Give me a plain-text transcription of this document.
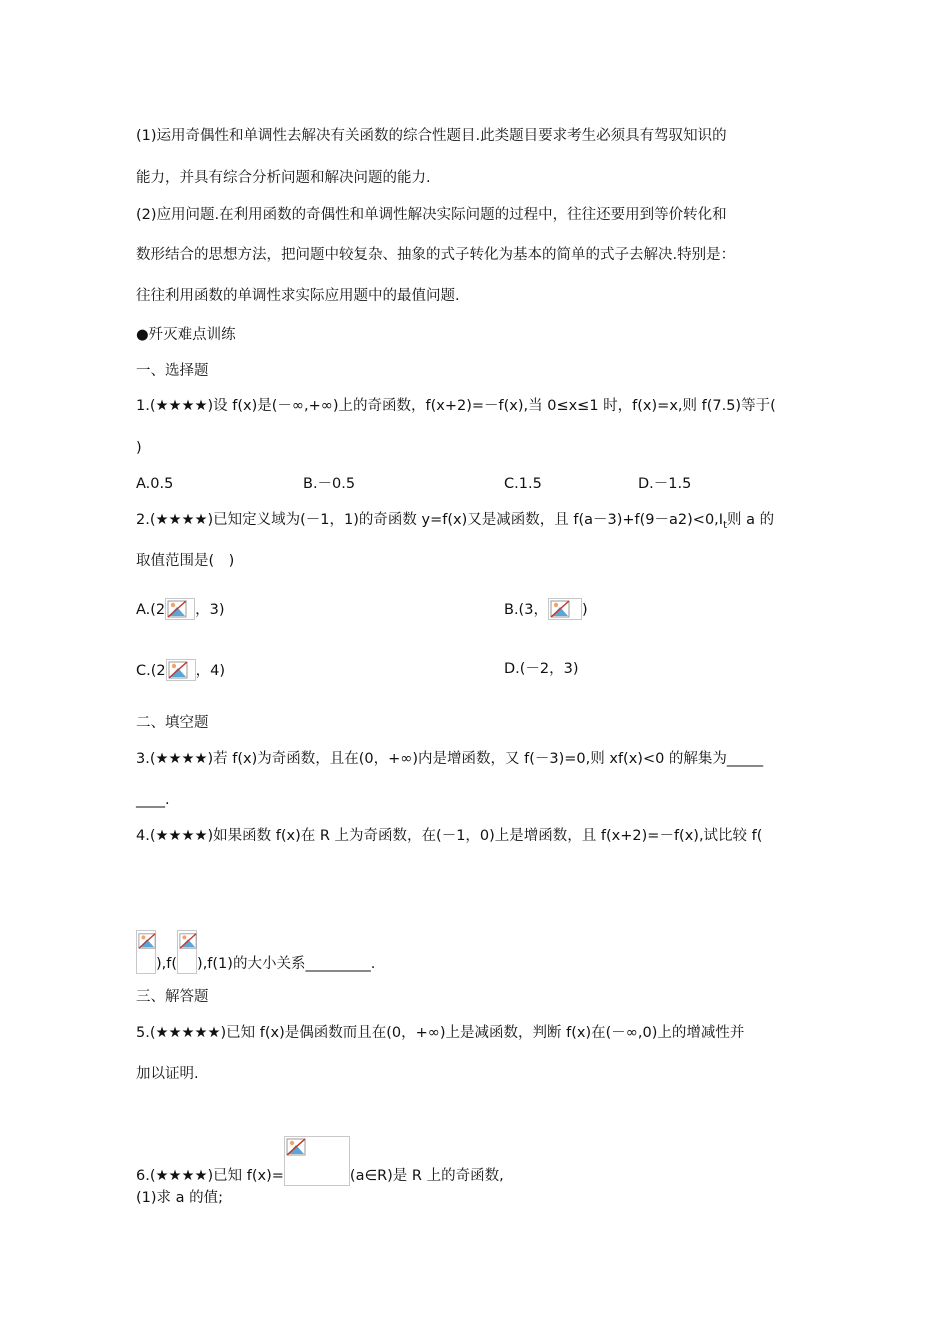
(1)运用奇偶性和单调性去解决有关函数的综合性题目.此类题目要求考生必须具有驾驭知识的
能力，并具有综合分析问题和解决问题的能力.
(2)应用问题.在利用函数的奇偶性和单调性解决实际问题的过程中，往往还要用到等价转化和
数形结合的思想方法，把问题中较复杂、抽象的式子转化为基本的简单的式子去解决.特别是：
往往利用函数的单调性求实际应用题中的最值问题.
●歼灭难点训练
一、选择题
1.(★★★★)设 f(x)是(－∞,+∞)上的奇函数，f(x+2)=－f(x),当 0≤x≤1 时，f(x)=x,则 f(7.5)等于(
)
A.0.5	B.－0.5	C.1.5	D.－1.5
2.(★★★★)已知定义域为(－1，1)的奇函数 y=f(x)又是减函数，且 $f(a-3)+f(9-a2)<0,I_t$则 a 的
取值范围是(　)
A.(2 ，3)	B.(3， )
C.(2 ，4)	D.(－2，3)
二、填空题
3.(★★★★)若 f(x)为奇函数，且在(0，+∞)内是增函数，又 f(－3)=0,则 xf(x)<0 的解集为_____
____.
4.(★★★★)如果函数 f(x)在 R 上为奇函数，在(－1，0)上是增函数，且 f(x+2)=－f(x),试比较 f(
),f( ),f(1)的大小关系_________.
三、解答题
5.(★★★★★)已知 f(x)是偶函数而且在(0，+∞)上是减函数，判断 f(x)在(－∞,0)上的增减性并
加以证明.
6.(★★★★)已知 f(x)=	(a∈R)是 R 上的奇函数,
(1)求 a 的值;
